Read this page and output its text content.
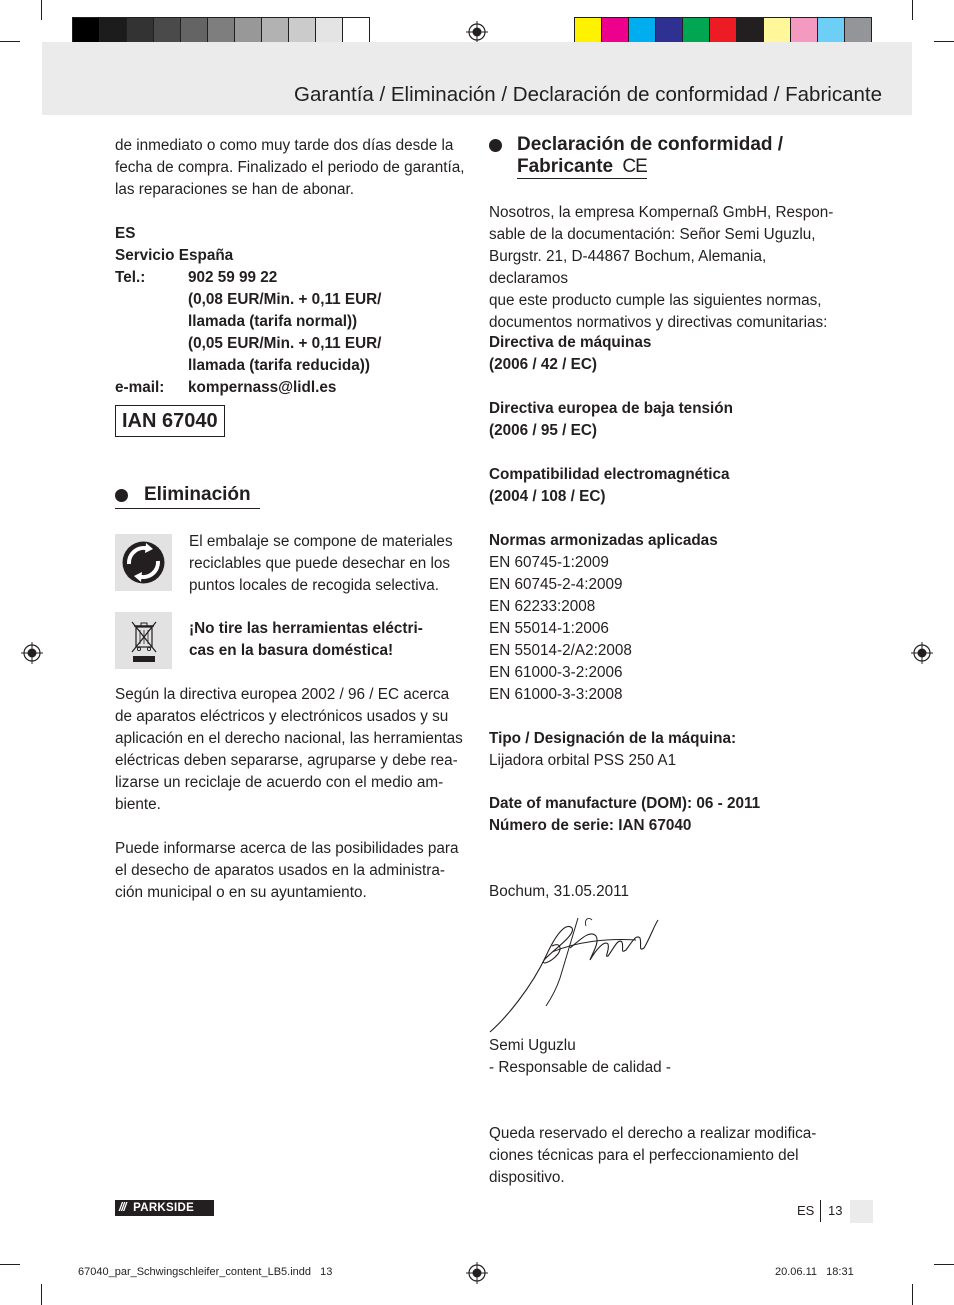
Garantía / Eliminación / Declaración de conformidad / Fabricante
de inmediato o como muy tarde dos días desde la
fecha de compra. Finalizado el periodo de garantía,
las reparaciones se han de abonar.
ES
Servicio España
Tel.:	902 59 99 22
(0,08 EUR/Min. + 0,11 EUR/
llamada (tarifa normal))
(0,05 EUR/Min. + 0,11 EUR/
llamada (tarifa reducida))
e-mail:	kompernass@lidl.es
IAN 67040
Eliminación
El embalaje se compone de materiales
reciclables que puede desechar en los
puntos locales de recogida selectiva.
¡No tire las herramientas eléctri-
cas en la basura doméstica!
Según la directiva europea 2002 / 96 / EC acerca
de aparatos eléctricos y electrónicos usados y su
aplicación en el derecho nacional, las herramientas
eléctricas deben separarse, agruparse y debe rea-
lizarse un reciclaje de acuerdo con el medio am-
biente.
Puede informarse acerca de las posibilidades para
el desecho de aparatos usados en la administra-
ción municipal o en su ayuntamiento.
Declaración de conformidad /
Fabricante CE
Nosotros, la empresa Kompernaß GmbH, Respon-
sable de la documentación: Señor Semi Uguzlu,
Burgstr. 21, D-44867 Bochum, Alemania, declaramos
que este producto cumple las siguientes normas,
documentos normativos y directivas comunitarias:
Directiva de máquinas
(2006 / 42 / EC)
Directiva europea de baja tensión
(2006 / 95 / EC)
Compatibilidad electromagnética
(2004 / 108 / EC)
Normas armonizadas aplicadas
EN 60745-1:2009
EN 60745-2-4:2009
EN 62233:2008
EN 55014-1:2006
EN 55014-2/A2:2008
EN 61000-3-2:2006
EN 61000-3-3:2008
Tipo / Designación de la máquina:
Lijadora orbital PSS 250 A1
Date of manufacture (DOM): 06 - 2011
Número de serie: IAN 67040
Bochum, 31.05.2011
Semi Uguzlu
- Responsable de calidad -
Queda reservado el derecho a realizar modifica-
ciones técnicas para el perfeccionamiento del
dispositivo.
/// PARKSIDE	ES 13
67040_par_Schwingschleifer_content_LB5.indd   13	20.06.11   18:31
